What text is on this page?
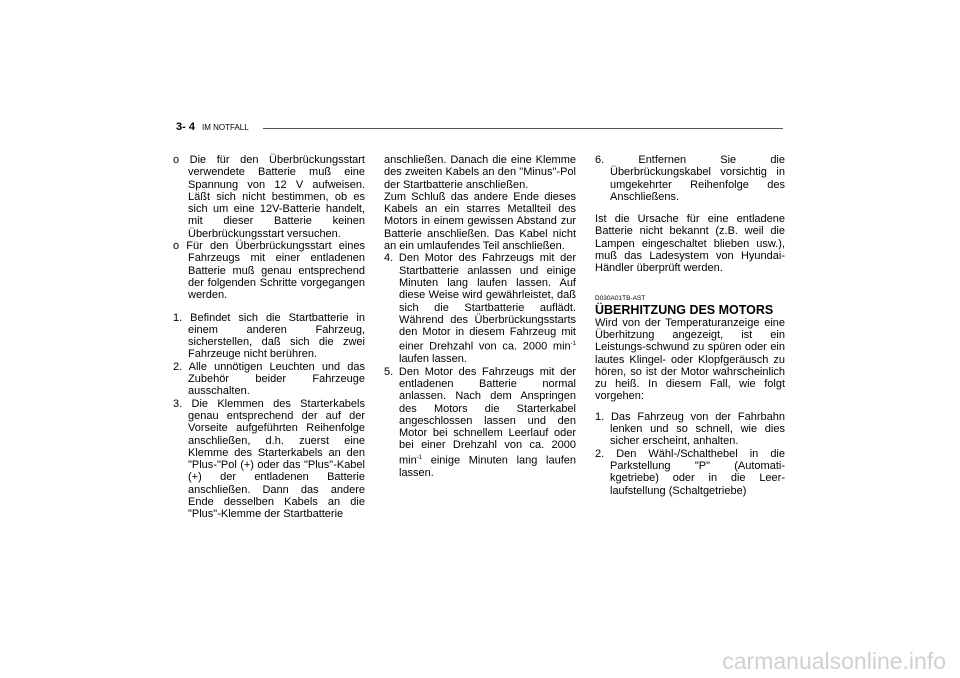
3- 4 IM NOTFALL

o Die für den Überbrückungsstart verwendete Batterie muß eine Spannung von 12 V aufweisen. Läßt sich nicht bestimmen, ob es sich um eine 12V-Batterie handelt, mit dieser Batterie keinen Überbrückungsstart versuchen.

o Für den Überbrückungsstart eines Fahrzeugs mit einer entladenen Batterie muß genau entsprechend der folgenden Schritte vorgegangen werden.

1. Befindet sich die Startbatterie in einem anderen Fahrzeug, sicherstellen, daß sich die zwei Fahrzeuge nicht berühren.

2. Alle unnötigen Leuchten und das Zubehör beider Fahrzeuge ausschalten.

3. Die Klemmen des Starterkabels genau entsprechend der auf der Vorseite aufgeführten Reihenfolge anschließen, d.h. zuerst eine Klemme des Starterkabels an den "Plus-"Pol (+) oder das "Plus"-Kabel (+) der entladenen Batterie anschließen. Dann das andere Ende desselben Kabels an die "Plus"-Klemme der Startbatterie

anschließen. Danach die eine Klemme des zweiten Kabels an den "Minus"-Pol der Startbatterie anschließen.

Zum Schluß das andere Ende dieses Kabels an ein starres Metallteil des Motors in einem gewissen Abstand zur Batterie anschließen. Das Kabel nicht an ein umlaufendes Teil anschließen.

4. Den Motor des Fahrzeugs mit der Startbatterie anlassen und einige Minuten lang laufen lassen. Auf diese Weise wird gewährleistet, daß sich die Startbatterie auflädt. Während des Überbrückungsstarts den Motor in diesem Fahrzeug mit einer Drehzahl von ca. 2000 $\min^{-1}$ laufen lassen.

5. Den Motor des Fahrzeugs mit der entladenen Batterie normal anlassen. Nach dem Anspringen des Motors die Starterkabel angeschlossen lassen und den Motor bei schnellem Leerlauf oder bei einer Drehzahl von ca. 2000 $\min^{-1}$ einige Minuten lang laufen lassen.

6. Entfernen Sie die Überbrückungskabel vorsichtig in umgekehrter Reihenfolge des Anschließens.

Ist die Ursache für eine entladene Batterie nicht bekannt (z.B. weil die Lampen eingeschaltet blieben usw.), muß das Ladesystem von Hyundai-Händler überprüft werden.

D030A01TB-AST

ÜBERHITZUNG DES MOTORS

Wird von der Temperaturanzeige eine Überhitzung angezeigt, ist ein Leistungs-schwund zu spüren oder ein lautes Klingel- oder Klopfgeräusch zu hören, so ist der Motor wahrscheinlich zu heiß. In diesem Fall, wie folgt vorgehen:

1. Das Fahrzeug von der Fahrbahn lenken und so schnell, wie dies sicher erscheint, anhalten.

2. Den Wähl-/Schalthebel in die Parkstellung "P" (Automati-kgetriebe) oder in die Leer-laufstellung (Schaltgetriebe)

carmanualsonline.info
